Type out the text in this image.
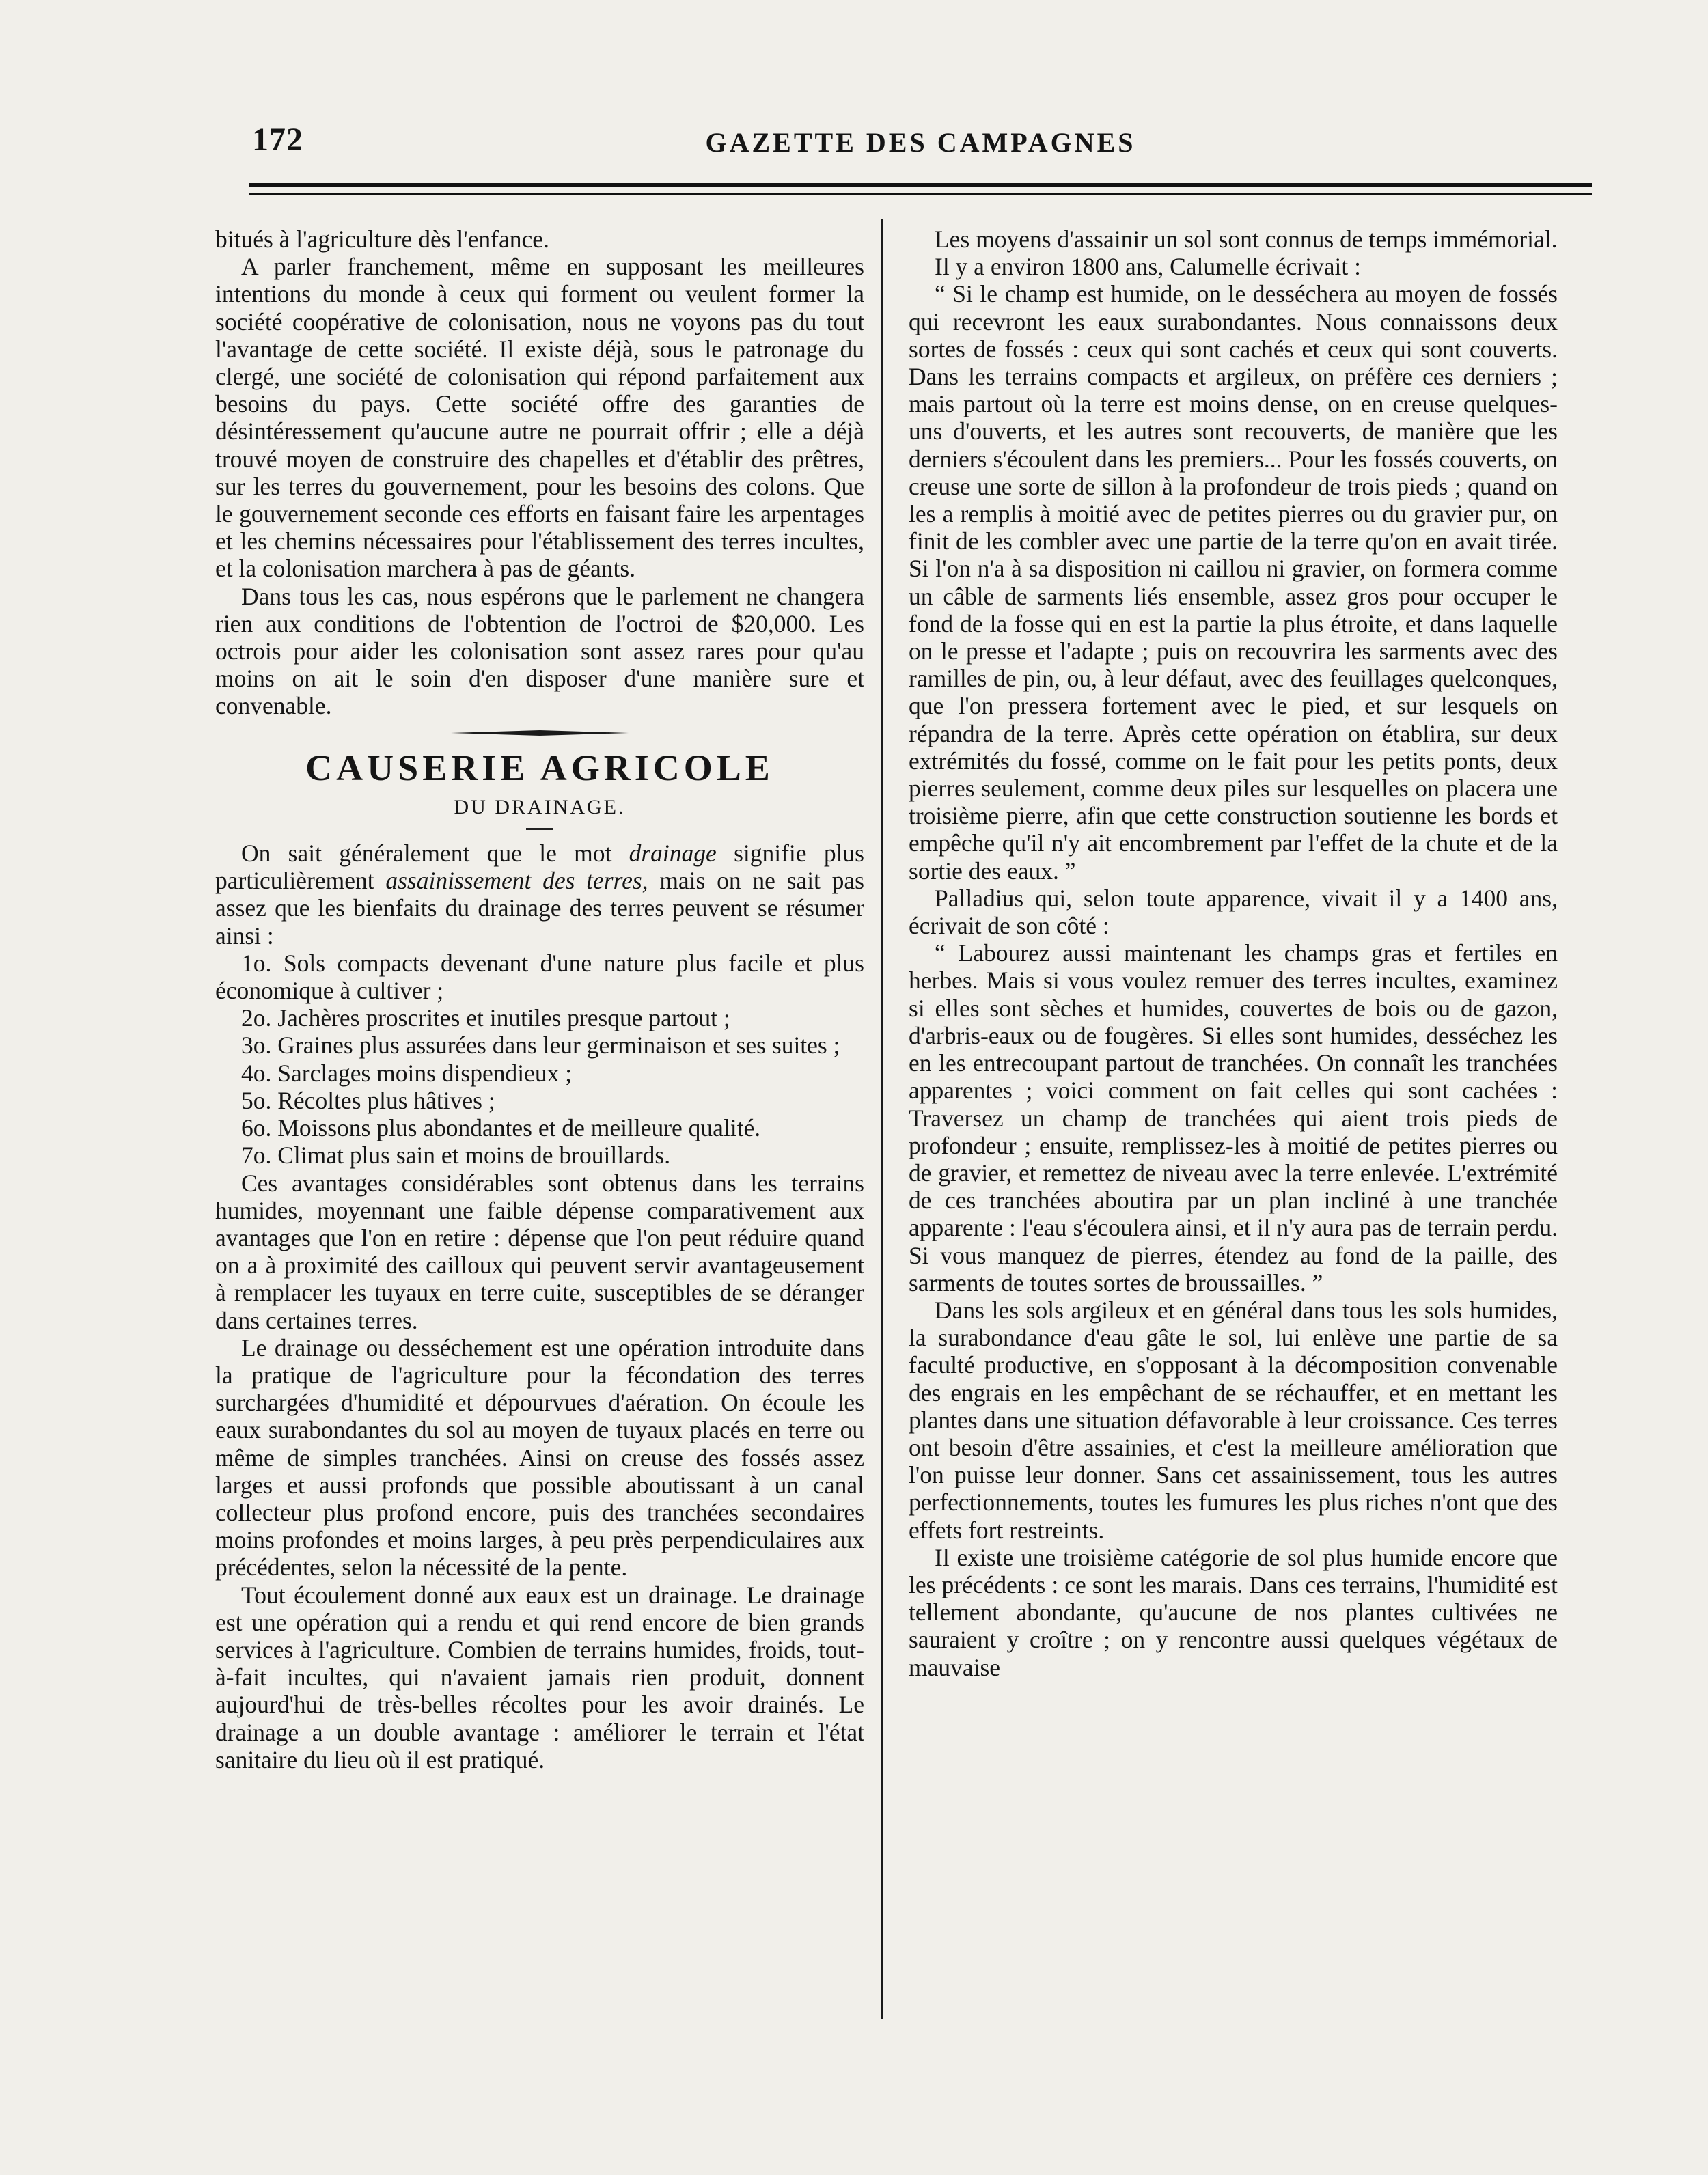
172	GAZETTE DES CAMPAGNES

bitués à l'agriculture dès l'enfance.

A parler franchement, même en supposant les meilleures intentions du monde à ceux qui forment ou veulent former la société coopérative de colonisation, nous ne voyons pas du tout l'avantage de cette société. Il existe déjà, sous le patronage du clergé, une société de colonisation qui répond parfaitement aux besoins du pays. Cette société offre des garanties de désintéressement qu'aucune autre ne pourrait offrir ; elle a déjà trouvé moyen de construire des chapelles et d'établir des prêtres, sur les terres du gouvernement, pour les besoins des colons. Que le gouvernement seconde ces efforts en faisant faire les arpentages et les chemins nécessaires pour l'établissement des terres incultes, et la colonisation marchera à pas de géants.

Dans tous les cas, nous espérons que le parlement ne changera rien aux conditions de l'obtention de l'octroi de $20,000. Les octrois pour aider les colonisation sont assez rares pour qu'au moins on ait le soin d'en disposer d'une manière sure et convenable.

CAUSERIE AGRICOLE
DU DRAINAGE.

On sait généralement que le mot drainage signifie plus particulièrement assainissement des terres, mais on ne sait pas assez que les bienfaits du drainage des terres peuvent se résumer ainsi :

1o. Sols compacts devenant d'une nature plus facile et plus économique à cultiver ;

2o. Jachères proscrites et inutiles presque partout ;

3o. Graines plus assurées dans leur germinaison et ses suites ;

4o. Sarclages moins dispendieux ;

5o. Récoltes plus hâtives ;

6o. Moissons plus abondantes et de meilleure qualité.

7o. Climat plus sain et moins de brouillards.

Ces avantages considérables sont obtenus dans les terrains humides, moyennant une faible dépense comparativement aux avantages que l'on en retire : dépense que l'on peut réduire quand on a à proximité des cailloux qui peuvent servir avantageusement à remplacer les tuyaux en terre cuite, susceptibles de se déranger dans certaines terres.

Le drainage ou desséchement est une opération introduite dans la pratique de l'agriculture pour la fécondation des terres surchargées d'humidité et dépourvues d'aération. On écoule les eaux surabondantes du sol au moyen de tuyaux placés en terre ou même de simples tranchées. Ainsi on creuse des fossés assez larges et aussi profonds que possible aboutissant à un canal collecteur plus profond encore, puis des tranchées secondaires moins profondes et moins larges, à peu près perpendiculaires aux précédentes, selon la nécessité de la pente.

Tout écoulement donné aux eaux est un drainage. Le drainage est une opération qui a rendu et qui rend encore de bien grands services à l'agriculture. Combien de terrains humides, froids, tout-à-fait incultes, qui n'avaient jamais rien produit, donnent aujourd'hui de très-belles récoltes pour les avoir drainés. Le drainage a un double avantage : améliorer le terrain et l'état sanitaire du lieu où il est pratiqué.

Les moyens d'assainir un sol sont connus de temps immémorial.

Il y a environ 1800 ans, Calumelle écrivait :

“ Si le champ est humide, on le desséchera au moyen de fossés qui recevront les eaux surabondantes. Nous connaissons deux sortes de fossés : ceux qui sont cachés et ceux qui sont couverts. Dans les terrains compacts et argileux, on préfère ces derniers ; mais partout où la terre est moins dense, on en creuse quelques-uns d'ouverts, et les autres sont recouverts, de manière que les derniers s'écoulent dans les premiers... Pour les fossés couverts, on creuse une sorte de sillon à la profondeur de trois pieds ; quand on les a remplis à moitié avec de petites pierres ou du gravier pur, on finit de les combler avec une partie de la terre qu'on en avait tirée. Si l'on n'a à sa disposition ni caillou ni gravier, on formera comme un câble de sarments liés ensemble, assez gros pour occuper le fond de la fosse qui en est la partie la plus étroite, et dans laquelle on le presse et l'adapte ; puis on recouvrira les sarments avec des ramilles de pin, ou, à leur défaut, avec des feuillages quelconques, que l'on pressera fortement avec le pied, et sur lesquels on répandra de la terre. Après cette opération on établira, sur deux extrémités du fossé, comme on le fait pour les petits ponts, deux pierres seulement, comme deux piles sur lesquelles on placera une troisième pierre, afin que cette construction soutienne les bords et empêche qu'il n'y ait encombrement par l'effet de la chute et de la sortie des eaux. ”

Palladius qui, selon toute apparence, vivait il y a 1400 ans, écrivait de son côté :

“ Labourez aussi maintenant les champs gras et fertiles en herbes. Mais si vous voulez remuer des terres incultes, examinez si elles sont sèches et humides, couvertes de bois ou de gazon, d'arbris-eaux ou de fougères. Si elles sont humides, desséchez les en les entrecoupant partout de tranchées. On connaît les tranchées apparentes ; voici comment on fait celles qui sont cachées : Traversez un champ de tranchées qui aient trois pieds de profondeur ; ensuite, remplissez-les à moitié de petites pierres ou de gravier, et remettez de niveau avec la terre enlevée. L'extrémité de ces tranchées aboutira par un plan incliné à une tranchée apparente : l'eau s'écoulera ainsi, et il n'y aura pas de terrain perdu. Si vous manquez de pierres, étendez au fond de la paille, des sarments de toutes sortes de broussailles. ”

Dans les sols argileux et en général dans tous les sols humides, la surabondance d'eau gâte le sol, lui enlève une partie de sa faculté productive, en s'opposant à la décomposition convenable des engrais en les empêchant de se réchauffer, et en mettant les plantes dans une situation défavorable à leur croissance. Ces terres ont besoin d'être assainies, et c'est la meilleure amélioration que l'on puisse leur donner. Sans cet assainissement, tous les autres perfectionnements, toutes les fumures les plus riches n'ont que des effets fort restreints.

Il existe une troisième catégorie de sol plus humide encore que les précédents : ce sont les marais. Dans ces terrains, l'humidité est tellement abondante, qu'aucune de nos plantes cultivées ne sauraient y croître ; on y rencontre aussi quelques végétaux de mauvaise
